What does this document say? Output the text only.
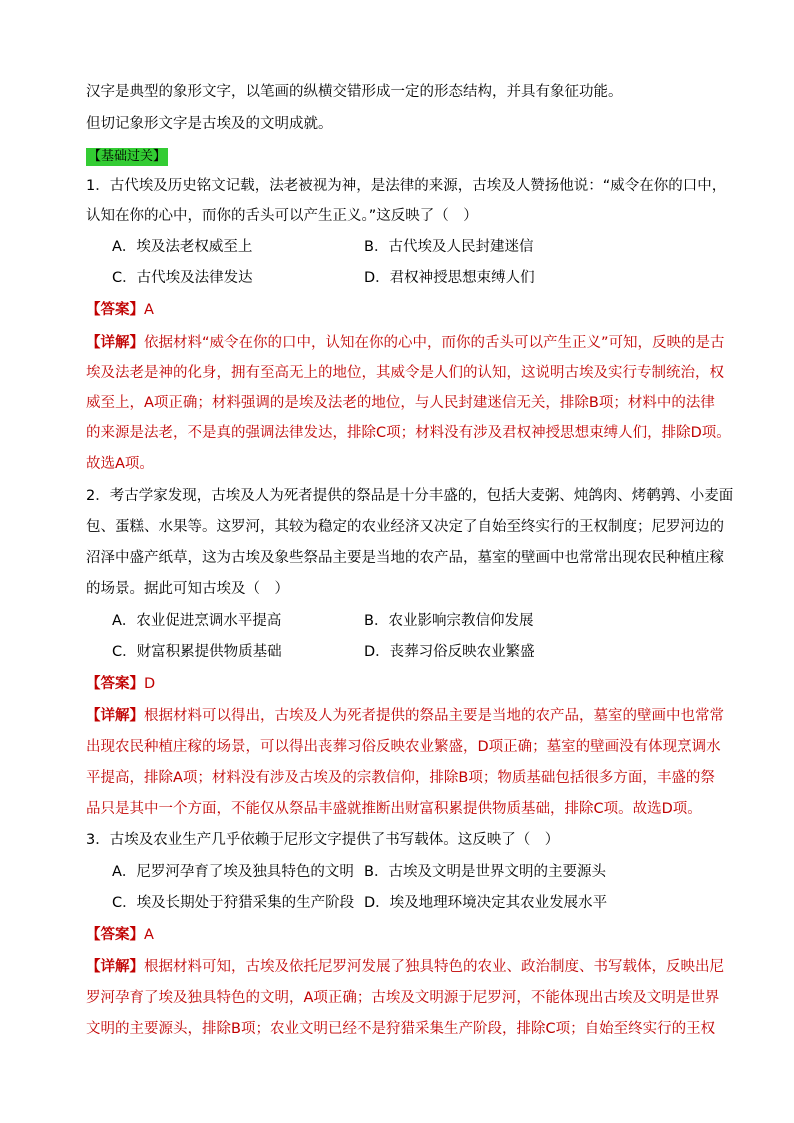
汉字是典型的象形文字，以笔画的纵横交错形成一定的形态结构，并具有象征功能。
但切记象形文字是古埃及的文明成就。
【基础过关】
1．古代埃及历史铭文记载，法老被视为神，是法律的来源，古埃及人赞扬他说：“威令在你的口中，
认知在你的心中，而你的舌头可以产生正义。”这反映了（　）
A．埃及法老权威至上	B．古代埃及人民封建迷信
C．古代埃及法律发达	D．君权神授思想束缚人们
【答案】A
【详解】依据材料“威令在你的口中，认知在你的心中，而你的舌头可以产生正义”可知，反映的是古
埃及法老是神的化身，拥有至高无上的地位，其威令是人们的认知，这说明古埃及实行专制统治，权
威至上，A项正确；材料强调的是埃及法老的地位，与人民封建迷信无关，排除B项；材料中的法律
的来源是法老，不是真的强调法律发达，排除C项；材料没有涉及君权神授思想束缚人们，排除D项。
故选A项。
2．考古学家发现，古埃及人为死者提供的祭品是十分丰盛的，包括大麦粥、炖鸽肉、烤鹌鹑、小麦面
包、蛋糕、水果等。这罗河，其较为稳定的农业经济又决定了自始至终实行的王权制度；尼罗河边的
沼泽中盛产纸草，这为古埃及象些祭品主要是当地的农产品，墓室的壁画中也常常出现农民种植庄稼
的场景。据此可知古埃及（　）
A．农业促进烹调水平提高	B．农业影响宗教信仰发展
C．财富积累提供物质基础	D．丧葬习俗反映农业繁盛
【答案】D
【详解】根据材料可以得出，古埃及人为死者提供的祭品主要是当地的农产品，墓室的壁画中也常常
出现农民种植庄稼的场景，可以得出丧葬习俗反映农业繁盛，D项正确；墓室的壁画没有体现烹调水
平提高，排除A项；材料没有涉及古埃及的宗教信仰，排除B项；物质基础包括很多方面，丰盛的祭
品只是其中一个方面，不能仅从祭品丰盛就推断出财富积累提供物质基础，排除C项。故选D项。
3．古埃及农业生产几乎依赖于尼形文字提供了书写载体。这反映了（　）
A．尼罗河孕育了埃及独具特色的文明 B．古埃及文明是世界文明的主要源头
C．埃及长期处于狩猎采集的生产阶段 D．埃及地理环境决定其农业发展水平
【答案】A
【详解】根据材料可知，古埃及依托尼罗河发展了独具特色的农业、政治制度、书写载体，反映出尼
罗河孕育了埃及独具特色的文明，A项正确；古埃及文明源于尼罗河，不能体现出古埃及文明是世界
文明的主要源头，排除B项；农业文明已经不是狩猎采集生产阶段，排除C项；自始至终实行的王权
